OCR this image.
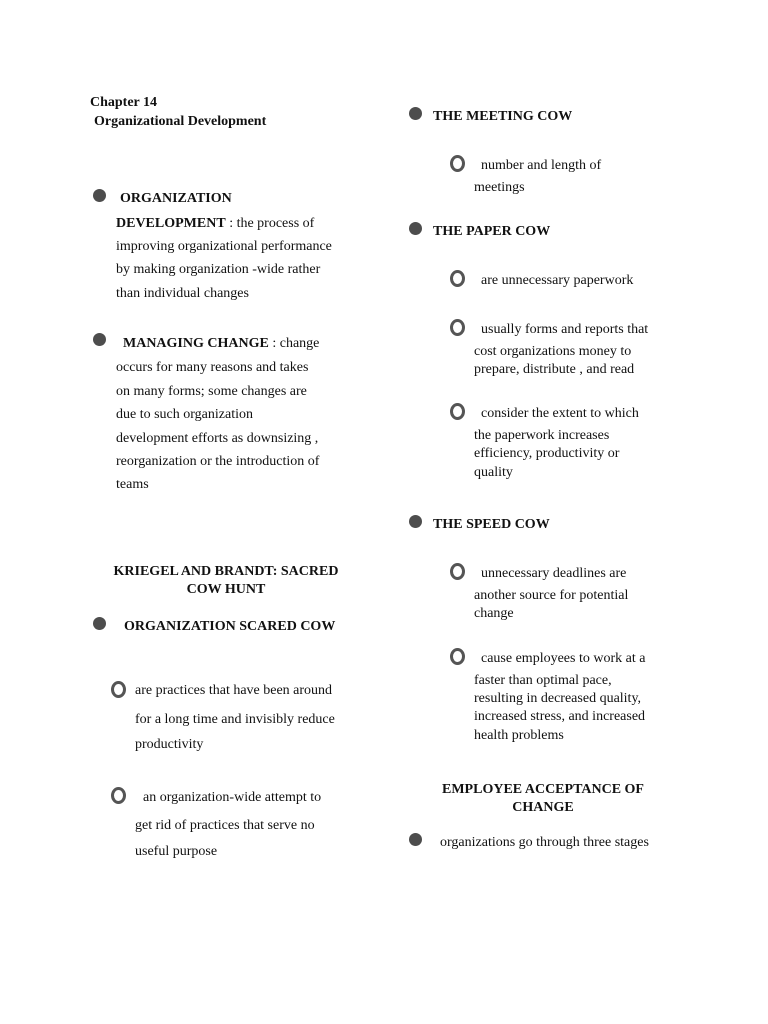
Chapter 14
Organizational Development
ORGANIZATION
DEVELOPMENT : the process of
improving organizational performance
by making organization -wide rather
than individual changes
MANAGING CHANGE : change
occurs for many reasons and takes
on many forms; some changes are
due to such organization
development efforts as downsizing ,
reorganization or the introduction of
teams
KRIEGEL AND BRANDT: SACRED
COW HUNT
ORGANIZATION SCARED COW
are practices that have been around
for a long time and invisibly reduce
productivity
an organization-wide attempt to
get rid of practices that serve no
useful purpose
THE MEETING COW
number and length of
meetings
THE PAPER COW
are unnecessary paperwork
usually forms and reports that
cost organizations money to
prepare, distribute , and read
consider the extent to which
the paperwork increases
efficiency, productivity or
quality
THE SPEED COW
unnecessary deadlines are
another source for potential
change
cause employees to work at a
faster than optimal pace,
resulting in decreased quality,
increased stress, and increased
health problems
EMPLOYEE ACCEPTANCE OF
CHANGE
organizations go through three stages
